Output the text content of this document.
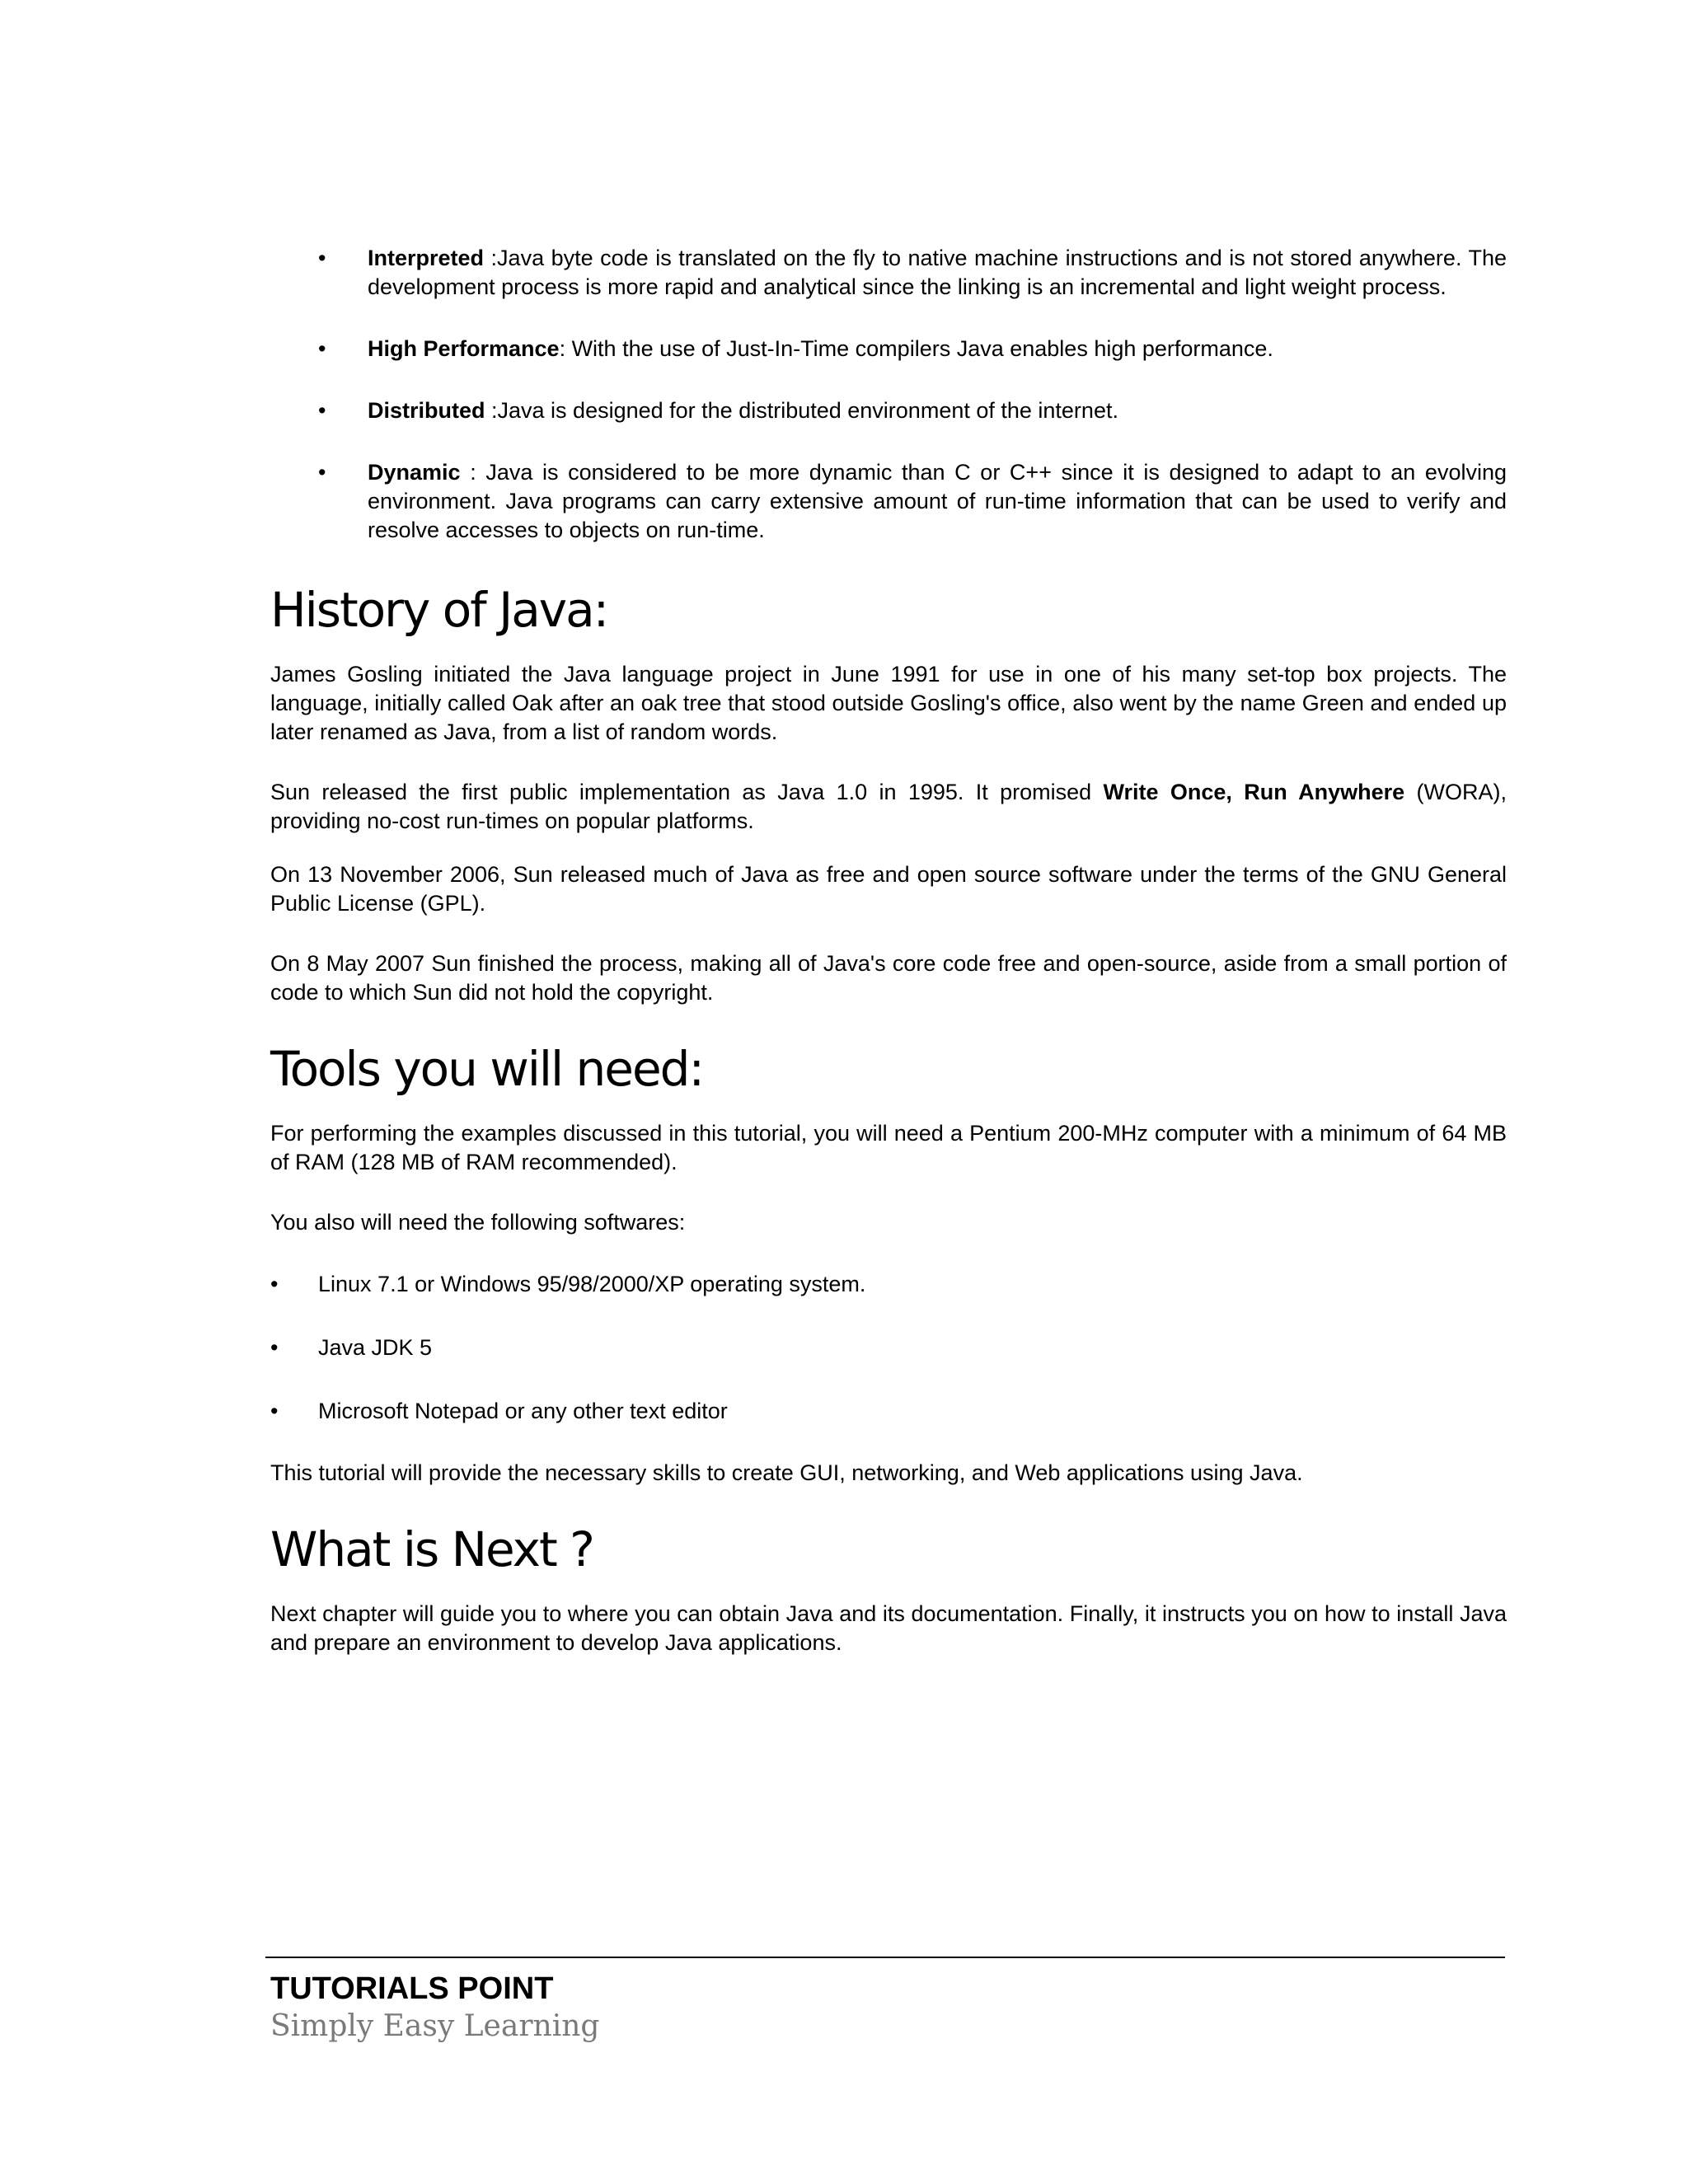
• Interpreted :Java byte code is translated on the fly to native machine instructions and is not stored anywhere. The development process is more rapid and analytical since the linking is an incremental and light weight process.
• High Performance: With the use of Just-In-Time compilers Java enables high performance.
• Distributed :Java is designed for the distributed environment of the internet.
• Dynamic : Java is considered to be more dynamic than C or C++ since it is designed to adapt to an evolving environment. Java programs can carry extensive amount of run-time information that can be used to verify and resolve accesses to objects on run-time.
History of Java:

James Gosling initiated the Java language project in June 1991 for use in one of his many set-top box projects. The language, initially called Oak after an oak tree that stood outside Gosling's office, also went by the name Green and ended up later renamed as Java, from a list of random words.

Sun released the first public implementation as Java 1.0 in 1995. It promised Write Once, Run Anywhere (WORA), providing no-cost run-times on popular platforms.

On 13 November 2006, Sun released much of Java as free and open source software under the terms of the GNU General Public License (GPL).

On 8 May 2007 Sun finished the process, making all of Java's core code free and open-source, aside from a small portion of code to which Sun did not hold the copyright.

Tools you will need:

For performing the examples discussed in this tutorial, you will need a Pentium 200-MHz computer with a minimum of 64 MB of RAM (128 MB of RAM recommended).

You also will need the following softwares:

• Linux 7.1 or Windows 95/98/2000/XP operating system.
• Java JDK 5
• Microsoft Notepad or any other text editor

This tutorial will provide the necessary skills to create GUI, networking, and Web applications using Java.

What is Next ?

Next chapter will guide you to where you can obtain Java and its documentation. Finally, it instructs you on how to install Java and prepare an environment to develop Java applications.

TUTORIALS POINT
Simply Easy Learning
